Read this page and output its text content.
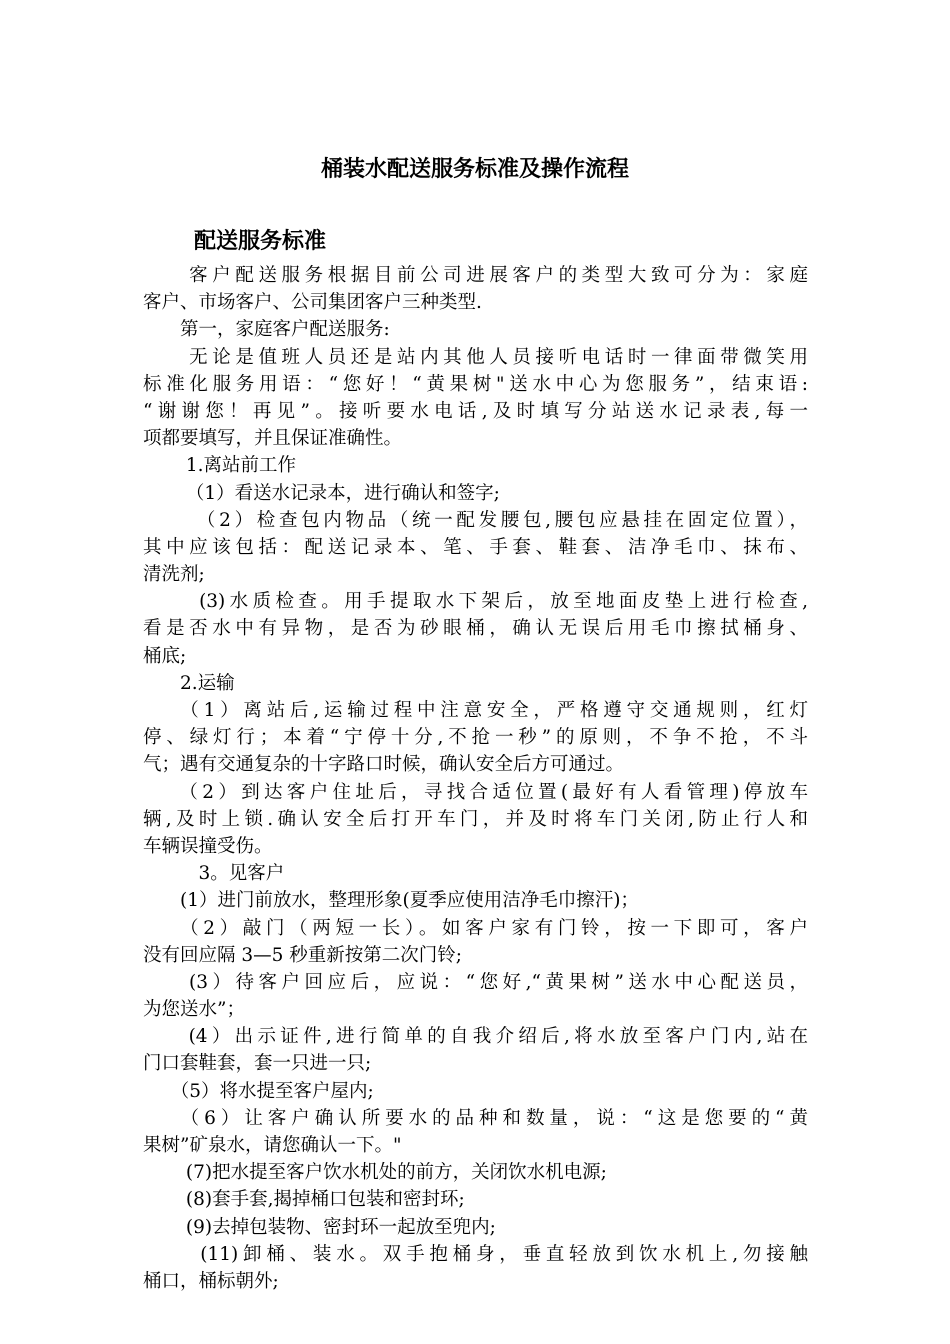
桶装水配送服务标准及操作流程
配送服务标准
　　客户配送服务根据目前公司进展客户的类型大致可分为：家庭
客户、市场客户、公司集团客户三种类型.
　　第一，家庭客户配送服务:
　　无论是值班人员还是站内其他人员接听电话时一律面带微笑用
标准化服务用语：“您好！“黄果树"送水中心为您服务”，结束语:
“谢谢您！再见”。接听要水电话,及时填写分站送水记录表,每一
项都要填写，并且保证准确性。
　　 1.离站前工作
　　 （1）看送水记录本，进行确认和签字;
　　 （2）检查包内物品（统一配发腰包,腰包应悬挂在固定位置），
其中应该包括：配送记录本、笔、手套、鞋套、洁净毛巾、抹布、
清洗剂;
　　 (3)水质检查。用手提取水下架后，放至地面皮垫上进行检查,
看是否水中有异物，是否为砂眼桶，确认无误后用毛巾擦拭桶身、
桶底;
　　2.运输
　　（1）离站后,运输过程中注意安全，严格遵守交通规则，红灯
停、绿灯行；本着“宁停十分,不抢一秒”的原则，不争不抢，不斗
气；遇有交通复杂的十字路口时候，确认安全后方可通过。
　　（2）到达客户住址后，寻找合适位置(最好有人看管理)停放车
辆,及时上锁.确认安全后打开车门，并及时将车门关闭,防止行人和
车辆误撞受伤。
　　　3。见客户
　　(1）进门前放水，整理形象(夏季应使用洁净毛巾擦汗)；
　　（2）敲门（两短一长）。如客户家有门铃，按一下即可，客户
没有回应隔 3—5 秒重新按第二次门铃;
　　(3）待客户回应后，应说：“您好,“黄果树”送水中心配送员，
为您送水”；
　　(4）出示证件,进行简单的自我介绍后,将水放至客户门内,站在
门口套鞋套，套一只进一只;
　　（5）将水提至客户屋内;
　　（6）让客户确认所要水的品种和数量，说：“这是您要的“黄
果树”矿泉水，请您确认一下。"
　　 (7)把水提至客户饮水机处的前方，关闭饮水机电源;
　　 (8)套手套,揭掉桶口包装和密封环;
　　 (9)去掉包装物、密封环一起放至兜内;
　　 (11)卸桶、装水。双手抱桶身，垂直轻放到饮水机上,勿接触
桶口，桶标朝外;
